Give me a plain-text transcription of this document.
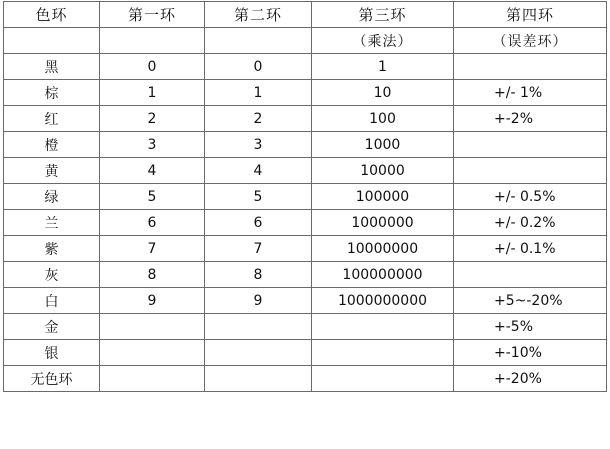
色环	第一环	第二环	第三环	第四环
			（乘法）	（误差环）
黑	0	0	1	
棕	1	1	10	+/- 1%
红	2	2	100	+-2%
橙	3	3	1000	
黄	4	4	10000	
绿	5	5	100000	+/- 0.5%
兰	6	6	1000000	+/- 0.2%
紫	7	7	10000000	+/- 0.1%
灰	8	8	100000000	
白	9	9	1000000000	+5~-20%
金				+-5%
银				+-10%
无色环				+-20%
